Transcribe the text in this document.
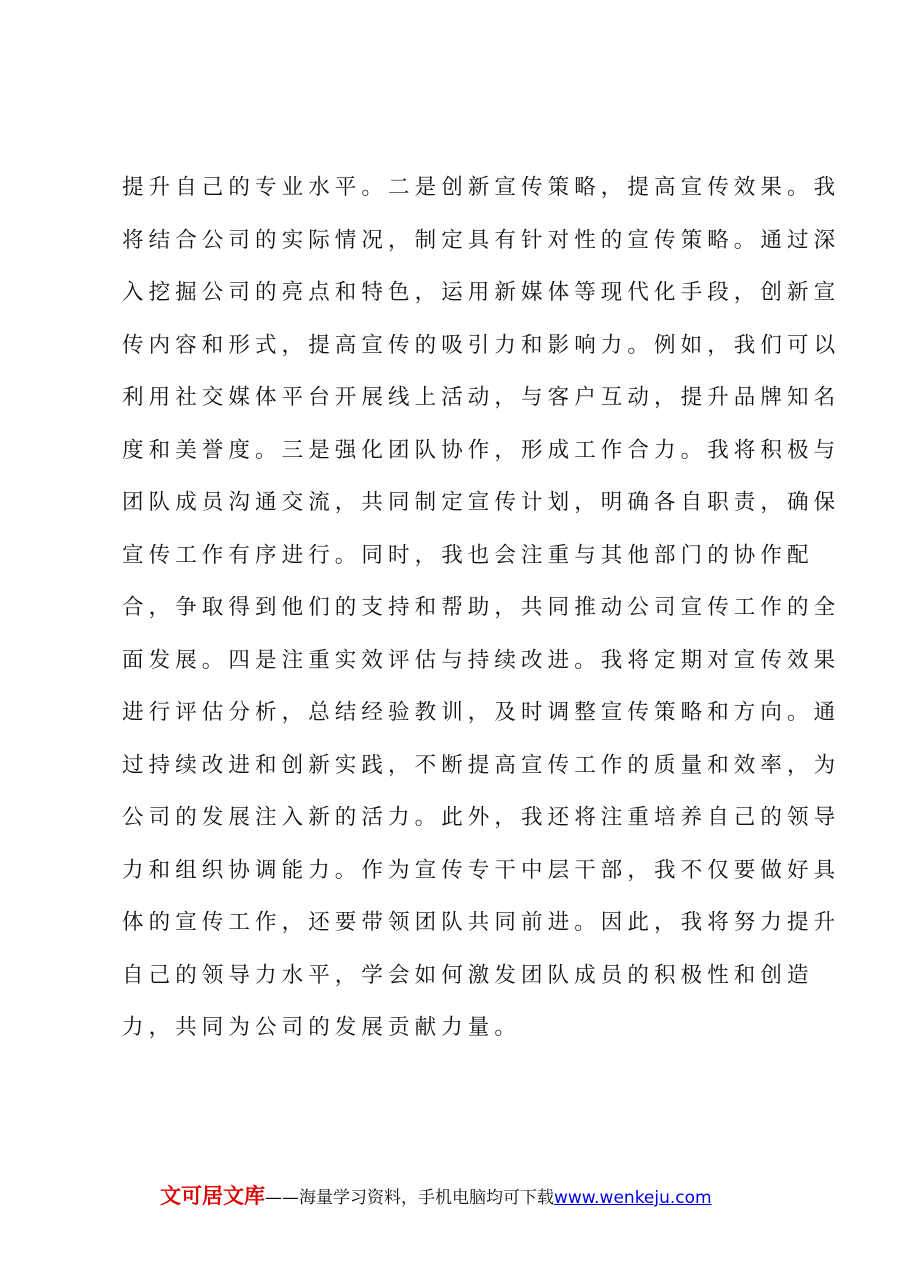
提升自己的专业水平。二是创新宣传策略，提高宣传效果。我

将结合公司的实际情况，制定具有针对性的宣传策略。通过深

入挖掘公司的亮点和特色，运用新媒体等现代化手段，创新宣

传内容和形式，提高宣传的吸引力和影响力。例如，我们可以

利用社交媒体平台开展线上活动，与客户互动，提升品牌知名

度和美誉度。三是强化团队协作，形成工作合力。我将积极与

团队成员沟通交流，共同制定宣传计划，明确各自职责，确保

宣传工作有序进行。同时，我也会注重与其他部门的协作配

合，争取得到他们的支持和帮助，共同推动公司宣传工作的全

面发展。四是注重实效评估与持续改进。我将定期对宣传效果

进行评估分析，总结经验教训，及时调整宣传策略和方向。通

过持续改进和创新实践，不断提高宣传工作的质量和效率，为

公司的发展注入新的活力。此外，我还将注重培养自己的领导

力和组织协调能力。作为宣传专干中层干部，我不仅要做好具

体的宣传工作，还要带领团队共同前进。因此，我将努力提升

自己的领导力水平，学会如何激发团队成员的积极性和创造

力，共同为公司的发展贡献力量。

文可居文库——海量学习资料，手机电脑均可下载www.wenkeju.com
